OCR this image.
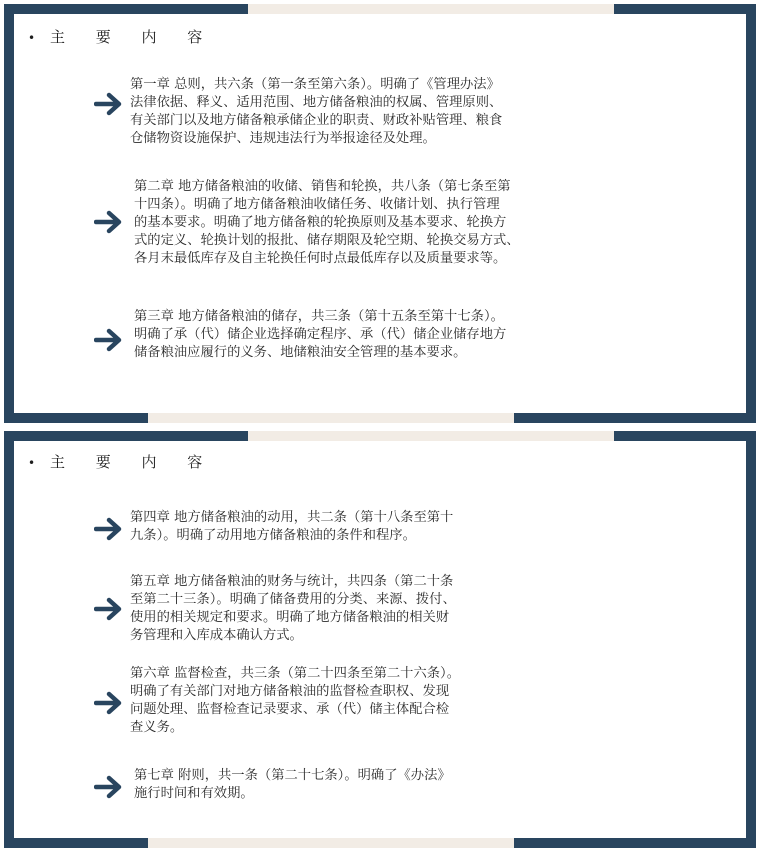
• 主 要 内 容
第一章 总则，共六条（第一条至第六条）。明确了《管理办法》
法律依据、释义、适用范围、地方储备粮油的权属、管理原则、
有关部门以及地方储备粮承储企业的职责、财政补贴管理、粮食
仓储物资设施保护、违规违法行为举报途径及处理。
第二章 地方储备粮油的收储、销售和轮换，共八条（第七条至第
十四条）。明确了地方储备粮油收储任务、收储计划、执行管理
的基本要求。明确了地方储备粮的轮换原则及基本要求、轮换方
式的定义、轮换计划的报批、储存期限及轮空期、轮换交易方式、
各月末最低库存及自主轮换任何时点最低库存以及质量要求等。
第三章 地方储备粮油的储存，共三条（第十五条至第十七条）。
明确了承（代）储企业选择确定程序、承（代）储企业储存地方
储备粮油应履行的义务、地储粮油安全管理的基本要求。
• 主 要 内 容
第四章 地方储备粮油的动用，共二条（第十八条至第十
九条）。明确了动用地方储备粮油的条件和程序。
第五章 地方储备粮油的财务与统计，共四条（第二十条
至第二十三条）。明确了储备费用的分类、来源、拨付、
使用的相关规定和要求。明确了地方储备粮油的相关财
务管理和入库成本确认方式。
第六章 监督检查，共三条（第二十四条至第二十六条）。
明确了有关部门对地方储备粮油的监督检查职权、发现
问题处理、监督检查记录要求、承（代）储主体配合检
查义务。
第七章 附则，共一条（第二十七条）。明确了《办法》
施行时间和有效期。
